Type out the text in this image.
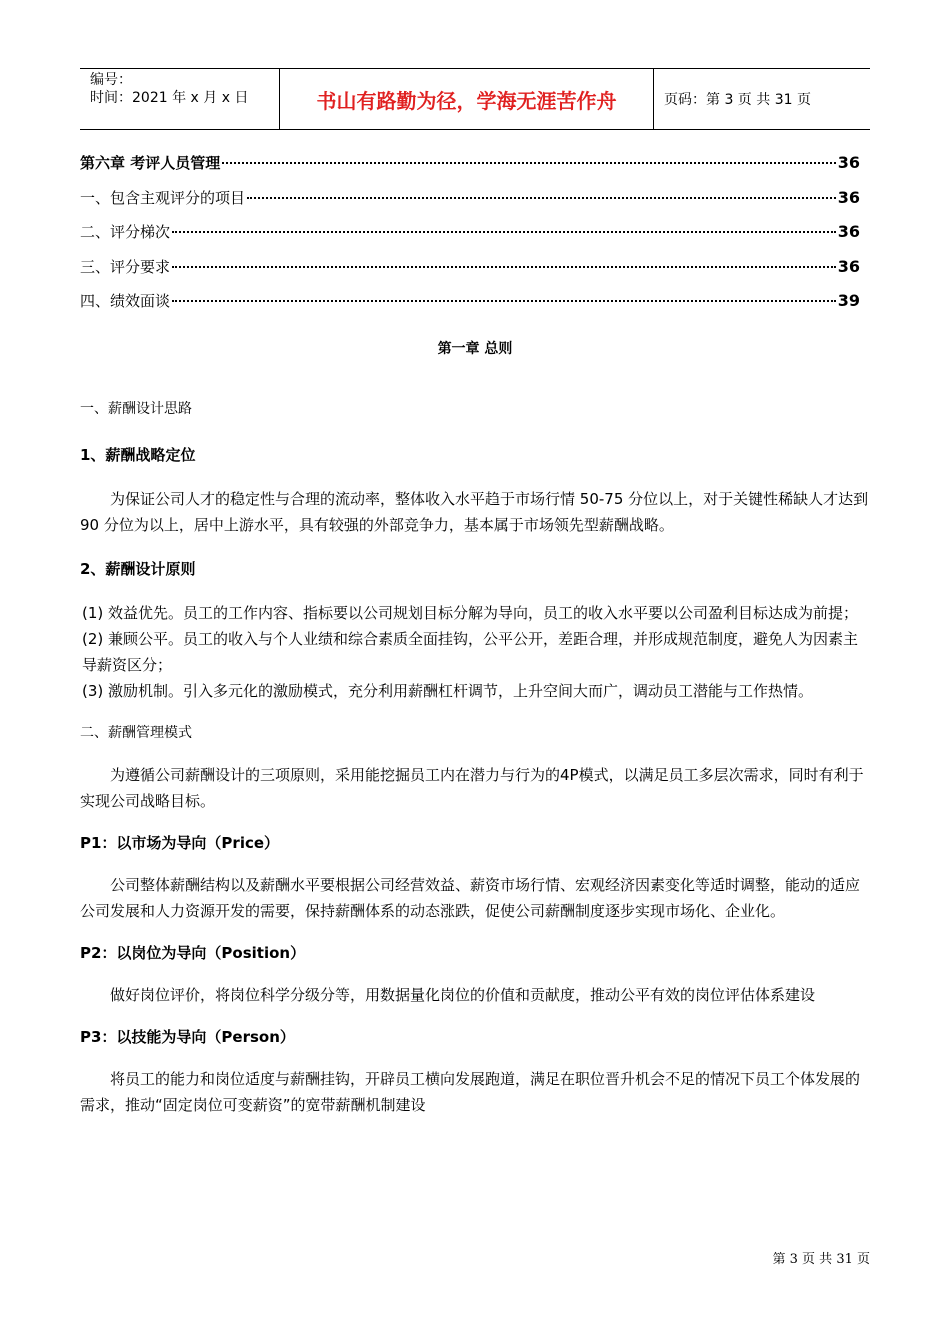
编号：
时间：2021 年 x 月 x 日	书山有路勤为径，学海无涯苦作舟	页码：第 3 页 共 31 页
第六章 考评人员管理	36
一、包含主观评分的项目	36
二、评分梯次	36
三、评分要求	36
四、绩效面谈	39
第一章 总则

一、薪酬设计思路

1、薪酬战略定位

为保证公司人才的稳定性与合理的流动率，整体收入水平趋于市场行情 50-75 分位以上，对于关键性稀缺人才达到 90 分位为以上，居中上游水平，具有较强的外部竞争力，基本属于市场领先型薪酬战略。

2、薪酬设计原则

(1) 效益优先。员工的工作内容、指标要以公司规划目标分解为导向，员工的收入水平要以公司盈利目标达成为前提；

(2) 兼顾公平。员工的收入与个人业绩和综合素质全面挂钩，公平公开，差距合理，并形成规范制度，避免人为因素主导薪资区分；

(3) 激励机制。引入多元化的激励模式，充分利用薪酬杠杆调节，上升空间大而广，调动员工潜能与工作热情。

二、薪酬管理模式

为遵循公司薪酬设计的三项原则，采用能挖掘员工内在潜力与行为的4P模式，以满足员工多层次需求，同时有利于实现公司战略目标。

P1：以市场为导向（Price）

公司整体薪酬结构以及薪酬水平要根据公司经营效益、薪资市场行情、宏观经济因素变化等适时调整，能动的适应公司发展和人力资源开发的需要，保持薪酬体系的动态涨跌，促使公司薪酬制度逐步实现市场化、企业化。

P2：以岗位为导向（Position）

做好岗位评价，将岗位科学分级分等，用数据量化岗位的价值和贡献度，推动公平有效的岗位评估体系建设

P3：以技能为导向（Person）

将员工的能力和岗位适度与薪酬挂钩，开辟员工横向发展跑道，满足在职位晋升机会不足的情况下员工个体发展的需求，推动“固定岗位可变薪资”的宽带薪酬机制建设

第 3 页 共 31 页
